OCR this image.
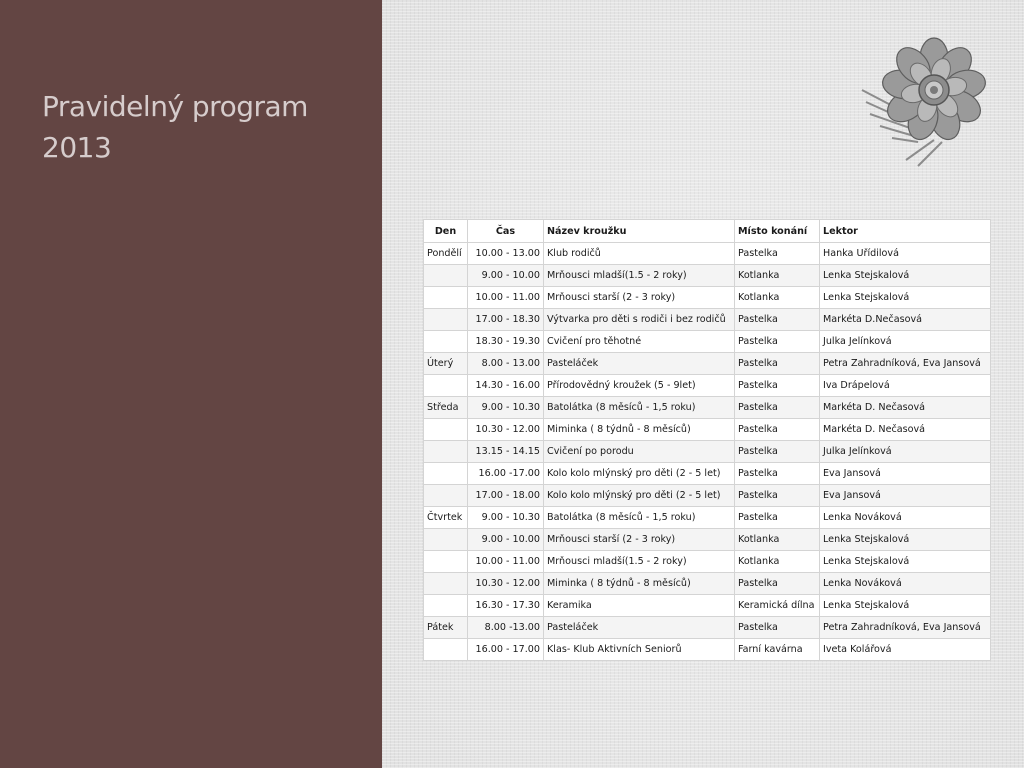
Pravidelný program
2013
Den	Čas	Název kroužku	Místo konání	Lektor
Pondělí	10.00 - 13.00	Klub rodičů	Pastelka	Hanka Uřídilová
	9.00 - 10.00	Mrňousci mladší(1.5 - 2 roky)	Kotlanka	Lenka Stejskalová
	10.00 - 11.00	Mrňousci starší (2 - 3 roky)	Kotlanka	Lenka Stejskalová
	17.00 - 18.30	Výtvarka pro děti s rodiči i bez rodičů	Pastelka	Markéta D.Nečasová
	18.30 - 19.30	Cvičení pro těhotné	Pastelka	Julka Jelínková
Úterý	8.00 - 13.00	Pasteláček	Pastelka	Petra Zahradníková, Eva Jansová
	14.30 - 16.00	Přírodovědný kroužek (5 - 9let)	Pastelka	Iva Drápelová
Středa	9.00 - 10.30	Batolátka (8 měsíců - 1,5 roku)	Pastelka	Markéta D. Nečasová
	10.30 - 12.00	Miminka ( 8 týdnů - 8 měsíců)	Pastelka	Markéta D. Nečasová
	13.15 - 14.15	Cvičení po porodu	Pastelka	Julka Jelínková
	16.00 -17.00	Kolo kolo mlýnský pro děti (2 - 5 let)	Pastelka	Eva Jansová
	17.00 - 18.00	Kolo kolo mlýnský pro děti (2 - 5 let)	Pastelka	Eva Jansová
Čtvrtek	9.00 - 10.30	Batolátka (8 měsíců - 1,5 roku)	Pastelka	Lenka Nováková
	9.00 - 10.00	Mrňousci starší (2 - 3 roky)	Kotlanka	Lenka Stejskalová
	10.00 - 11.00	Mrňousci mladší(1.5 - 2 roky)	Kotlanka	Lenka Stejskalová
	10.30 - 12.00	Miminka ( 8 týdnů - 8 měsíců)	Pastelka	Lenka Nováková
	16.30 - 17.30	Keramika	Keramická dílna	Lenka Stejskalová
Pátek	8.00 -13.00	Pasteláček	Pastelka	Petra Zahradníková, Eva Jansová
	16.00 - 17.00	Klas- Klub Aktivních Seniorů	Farní kavárna	Iveta Kolářová
